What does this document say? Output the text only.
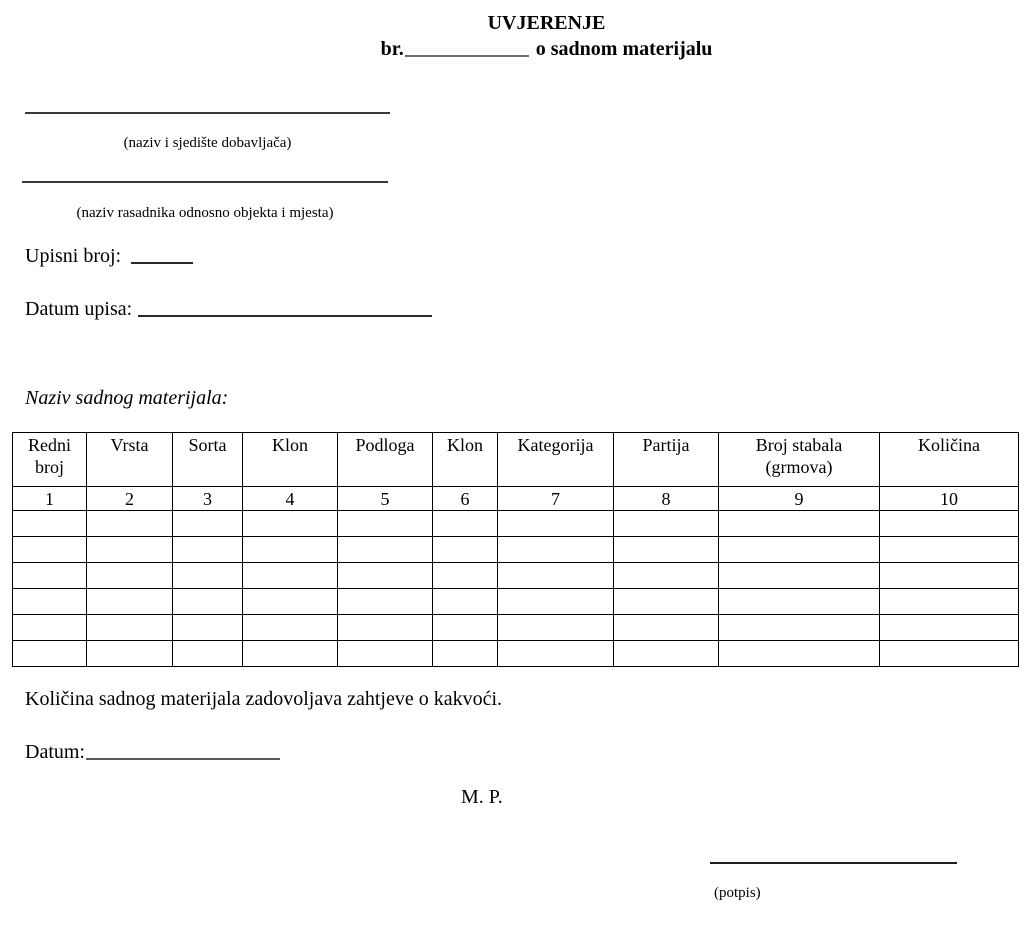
UVJERENJE
br.	o sadnom materijalu
(naziv i sjedište dobavljača)
(naziv rasadnika odnosno objekta i mjesta)
Upisni broj:
Datum upisa:
Naziv sadnog materijala:
Redni broj	Vrsta	Sorta	Klon	Podloga	Klon	Kategorija	Partija	Broj stabala (grmova)	Količina
1	2	3	4	5	6	7	8	9	10

Količina sadnog materijala zadovoljava zahtjeve o kakvoći.
Datum:
M. P.
(potpis)
